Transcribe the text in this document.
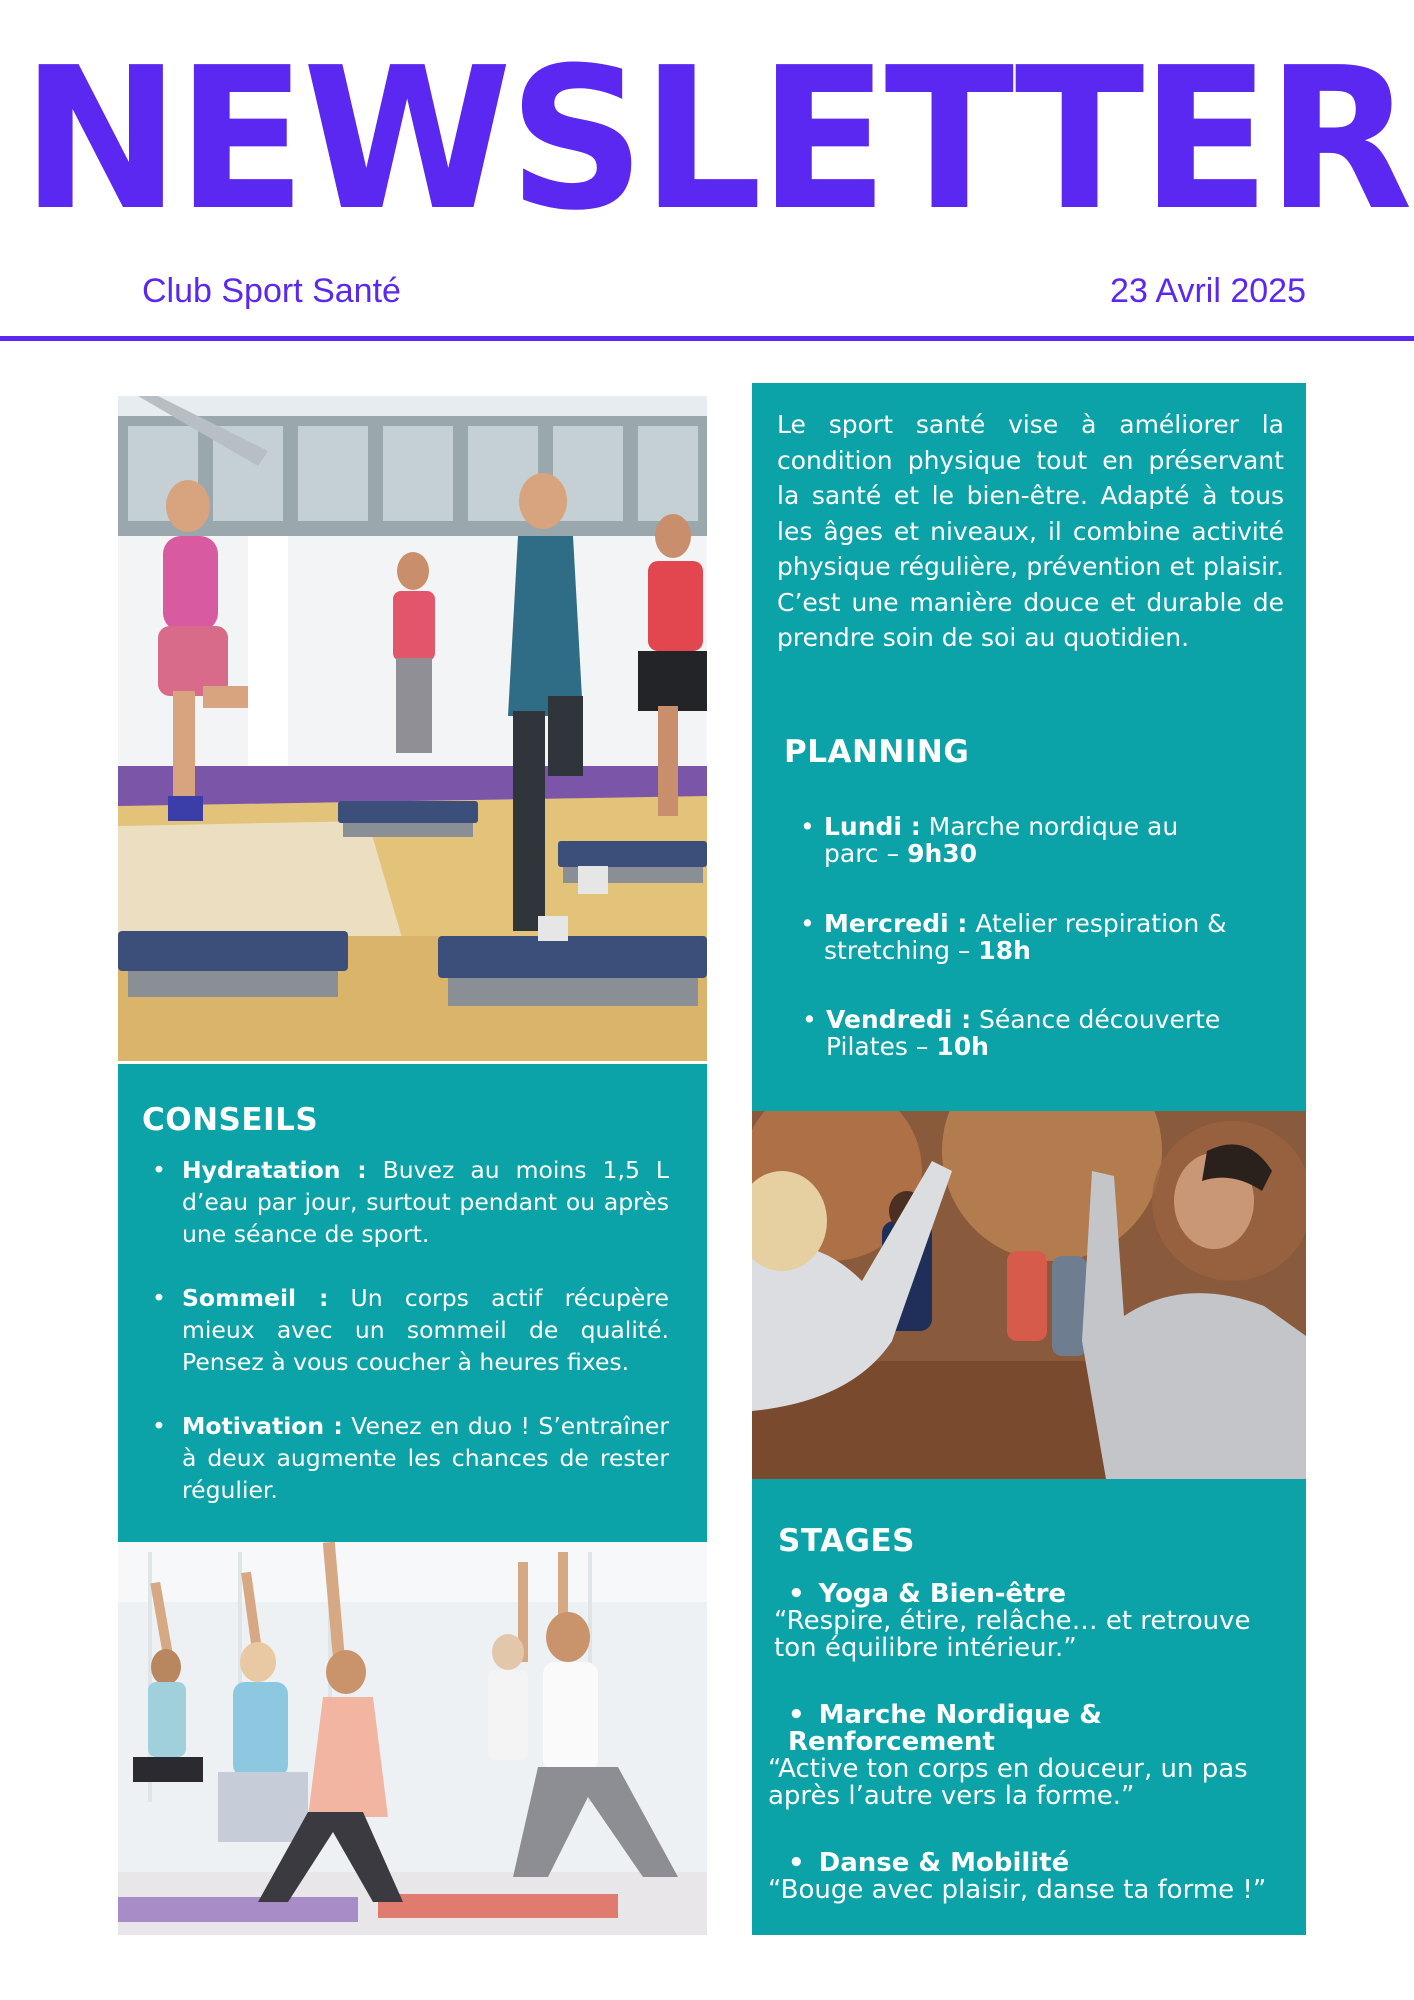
NEWSLETTER
Club Sport Santé	23 Avril 2025
Le sport santé vise à améliorer la condition physique tout en préservant la santé et le bien-être. Adapté à tous les âges et niveaux, il combine activité physique régulière, prévention et plaisir. C’est une manière douce et durable de prendre soin de soi au quotidien.
PLANNING
• Lundi : Marche nordique au parc – 9h30
• Mercredi : Atelier respiration & stretching – 18h
• Vendredi : Séance découverte Pilates – 10h
CONSEILS
• Hydratation : Buvez au moins 1,5 L d’eau par jour, surtout pendant ou après une séance de sport.
• Sommeil : Un corps actif récupère mieux avec un sommeil de qualité. Pensez à vous coucher à heures fixes.
• Motivation : Venez en duo ! S’entraîner à deux augmente les chances de rester régulier.
STAGES
• Yoga & Bien-être
“Respire, étire, relâche… et retrouve ton équilibre intérieur.”
• Marche Nordique & Renforcement
“Active ton corps en douceur, un pas après l’autre vers la forme.”
• Danse & Mobilité
“Bouge avec plaisir, danse ta forme !”
